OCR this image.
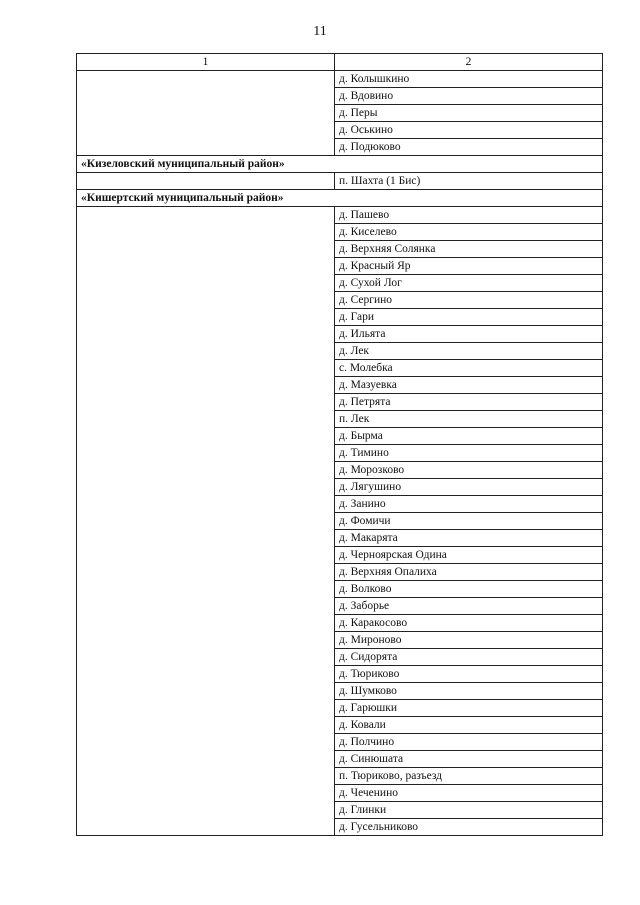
11
1	2
	д. Колышкино
	д. Вдовино
	д. Перы
	д. Оськино
	д. Подюково
«Кизеловский муниципальный район»	
	п. Шахта (1 Бис)
«Кишертский муниципальный район»	
	д. Пашево
	д. Киселево
	д. Верхняя Солянка
	д. Красный Яр
	д. Сухой Лог
	д. Сергино
	д. Гари
	д. Ильята
	д. Лек
	с. Молебка
	д. Мазуевка
	д. Петрята
	п. Лек
	д. Бырма
	д. Тимино
	д. Морозково
	д. Лягушино
	д. Занино
	д. Фомичи
	д. Макарята
	д. Черноярская Одина
	д. Верхняя Опалиха
	д. Волково
	д. Заборье
	д. Каракосово
	д. Мироново
	д. Сидорята
	д. Тюриково
	д. Шумково
	д. Гарюшки
	д. Ковали
	д. Полчино
	д. Синюшата
	п. Тюриково, разъезд
	д. Чеченино
	д. Глинки
	д. Гусельниково
